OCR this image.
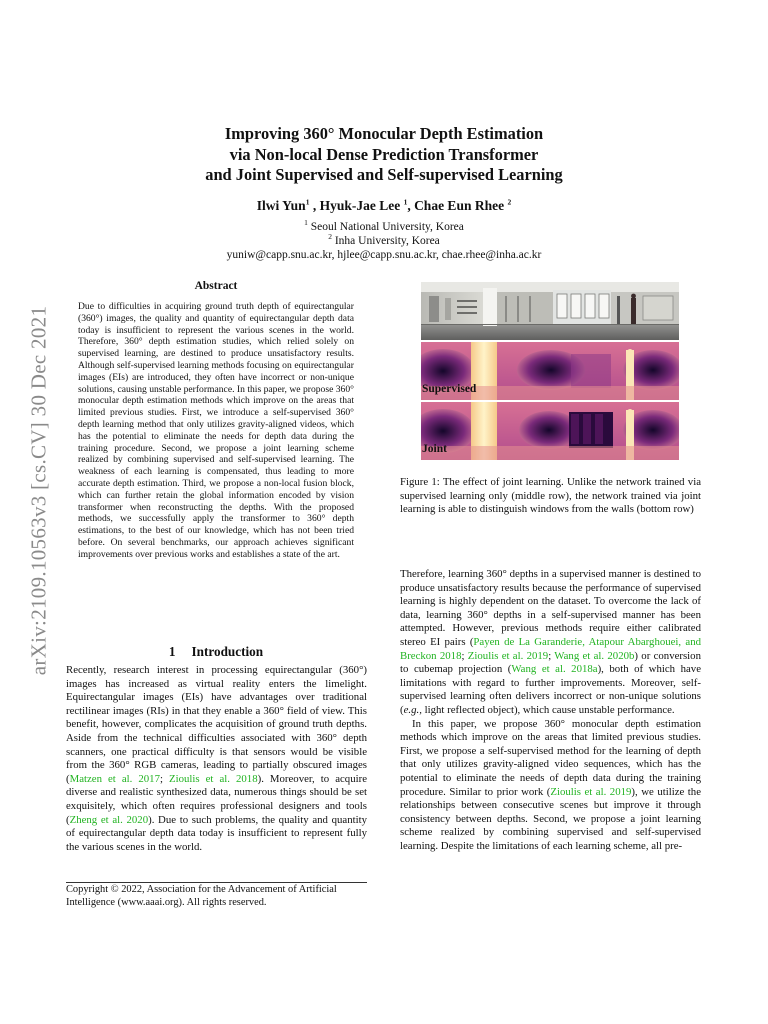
arXiv:2109.10563v3 [cs.CV] 30 Dec 2021
Improving 360° Monocular Depth Estimation
via Non-local Dense Prediction Transformer
and Joint Supervised and Self-supervised Learning
Ilwi Yun$^1$ , Hyuk-Jae Lee $^1$, Chae Eun Rhee $^2$
$^1$ Seoul National University, Korea
$^2$ Inha University, Korea
yuniw@capp.snu.ac.kr, hjlee@capp.snu.ac.kr, chae.rhee@inha.ac.kr
Abstract
Due to difficulties in acquiring ground truth depth of equirectangular (360°) images, the quality and quantity of equirectangular depth data today is insufficient to represent the various scenes in the world. Therefore, 360° depth estimation studies, which relied solely on supervised learning, are destined to produce unsatisfactory results. Although self-supervised learning methods focusing on equirectangular images (EIs) are introduced, they often have incorrect or non-unique solutions, causing unstable performance. In this paper, we propose 360° monocular depth estimation methods which improve on the areas that limited previous studies. First, we introduce a self-supervised 360° depth learning method that only utilizes gravity-aligned videos, which has the potential to eliminate the needs for depth data during the training procedure. Second, we propose a joint learning scheme realized by combining supervised and self-supervised learning. The weakness of each learning is compensated, thus leading to more accurate depth estimation. Third, we propose a non-local fusion block, which can further retain the global information encoded by vision transformer when reconstructing the depths. With the proposed methods, we successfully apply the transformer to 360° depth estimations, to the best of our knowledge, which has not been tried before. On several benchmarks, our approach achieves significant improvements over previous works and establishes a state of the art.
1 Introduction
Recently, research interest in processing equirectangular (360°) images has increased as virtual reality enters the limelight. Equirectangular images (EIs) have advantages over traditional rectilinear images (RIs) in that they enable a 360° field of view. This benefit, however, complicates the acquisition of ground truth depths. Aside from the technical difficulties associated with 360° depth scanners, one practical difficulty is that sensors would be visible from the 360° RGB cameras, leading to partially obscured images (Matzen et al. 2017; Zioulis et al. 2018). Moreover, to acquire diverse and realistic synthesized data, numerous things should be set exquisitely, which often requires professional designers and tools (Zheng et al. 2020). Due to such problems, the quality and quantity of equirectangular depth data today is insufficient to represent fully the various scenes in the world.
Copyright © 2022, Association for the Advancement of Artificial Intelligence (www.aaai.org). All rights reserved.
Supervised
Joint
Figure 1: The effect of joint learning. Unlike the network trained via supervised learning only (middle row), the network trained via joint learning is able to distinguish windows from the walls (bottom row)

Therefore, learning 360° depths in a supervised manner is destined to produce unsatisfactory results because the performance of supervised learning is highly dependent on the dataset. To overcome the lack of data, learning 360° depths in a self-supervised manner has been attempted. However, previous methods require either calibrated stereo EI pairs (Payen de La Garanderie, Atapour Abarghouei, and Breckon 2018; Zioulis et al. 2019; Wang et al. 2020b) or conversion to cubemap projection (Wang et al. 2018a), both of which have limitations with regard to further improvements. Moreover, self-supervised learning often delivers incorrect or non-unique solutions (e.g., light reflected object), which cause unstable performance.

In this paper, we propose 360° monocular depth estimation methods which improve on the areas that limited previous studies. First, we propose a self-supervised method for the learning of depth that only utilizes gravity-aligned video sequences, which has the potential to eliminate the needs of depth data during the training procedure. Similar to prior work (Zioulis et al. 2019), we utilize the relationships between consecutive scenes but improve it through consistency between depths. Second, we propose a joint learning scheme realized by combining supervised and self-supervised learning. Despite the limitations of each learning scheme, all pre-
